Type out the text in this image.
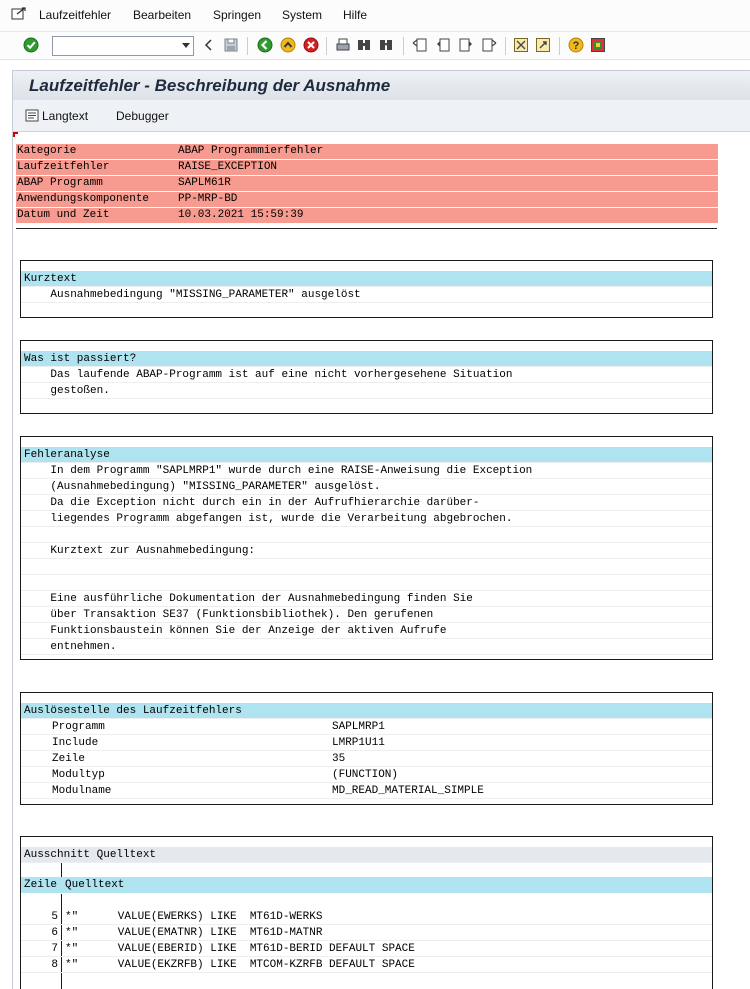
Laufzeitfehler Bearbeiten Springen System Hilfe
?
Laufzeitfehler - Beschreibung der Ausnahme
Langtext Debugger
Kategorie	ABAP Programmierfehler
Laufzeitfehler	RAISE_EXCEPTION
ABAP Programm	SAPLM61R
Anwendungskomponente	PP-MRP-BD
Datum und Zeit	10.03.2021 15:59:39
Kurztext
Ausnahmebedingung "MISSING_PARAMETER" ausgelöst
Was ist passiert?
Das laufende ABAP-Programm ist auf eine nicht vorhergesehene Situation
gestoßen.
Fehleranalyse
In dem Programm "SAPLMRP1" wurde durch eine RAISE-Anweisung die Exception
(Ausnahmebedingung) "MISSING_PARAMETER" ausgelöst.
Da die Exception nicht durch ein in der Aufrufhierarchie darüber-
liegendes Programm abgefangen ist, wurde die Verarbeitung abgebrochen.
Kurztext zur Ausnahmebedingung:
Eine ausführliche Dokumentation der Ausnahmebedingung finden Sie
über Transaktion SE37 (Funktionsbibliothek). Den gerufenen
Funktionsbaustein können Sie der Anzeige der aktiven Aufrufe
entnehmen.
Auslösestelle des Laufzeitfehlers
Programm	SAPLMRP1
Include	LMRP1U11
Zeile	35
Modultyp	(FUNCTION)
Modulname	MD_READ_MATERIAL_SIMPLE
Ausschnitt Quelltext
Zeile Quelltext
5 *"      VALUE(EWERKS) LIKE  MT61D-WERKS
6 *"      VALUE(EMATNR) LIKE  MT61D-MATNR
7 *"      VALUE(EBERID) LIKE  MT61D-BERID DEFAULT SPACE
8 *"      VALUE(EKZRFB) LIKE  MTCOM-KZRFB DEFAULT SPACE
